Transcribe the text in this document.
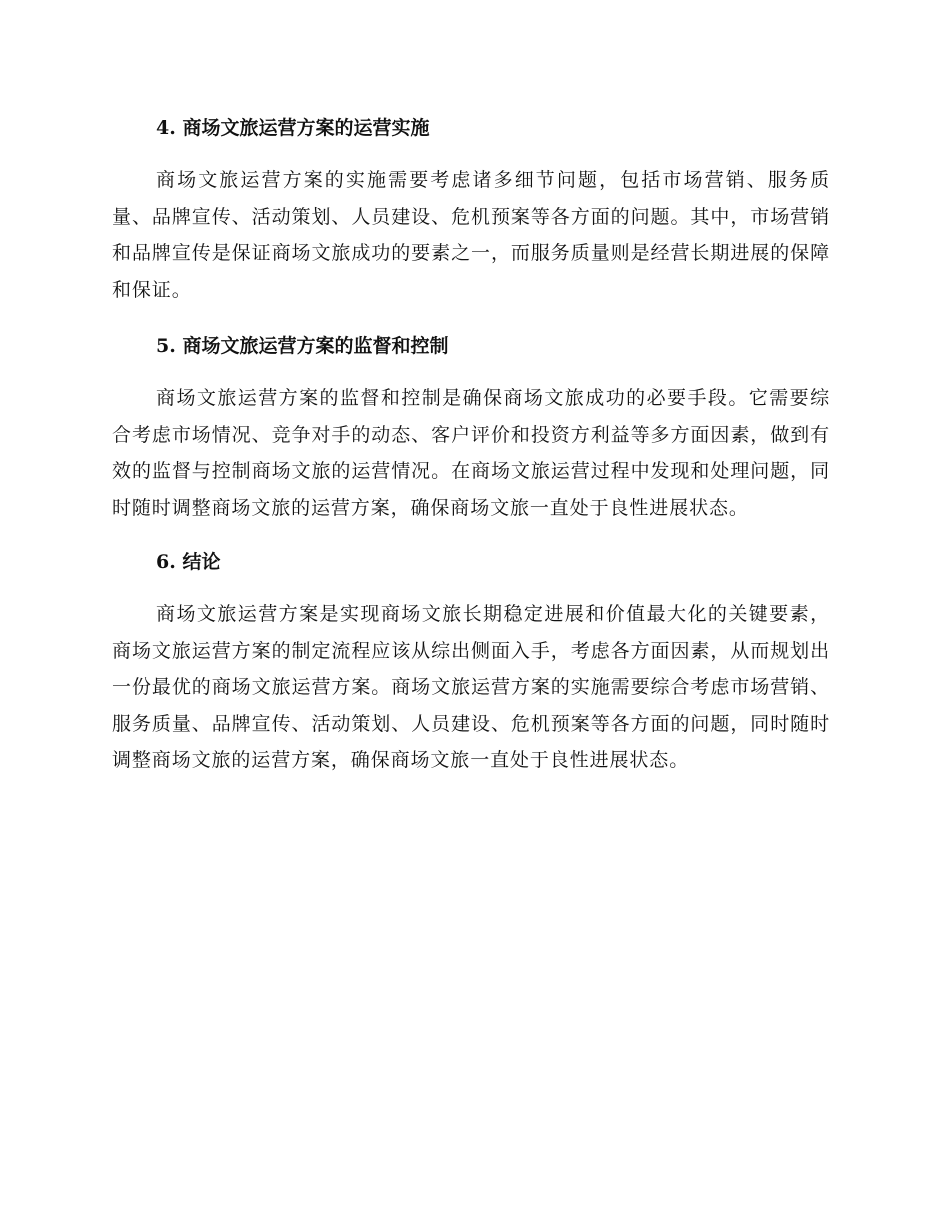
4. 商场文旅运营方案的运营实施

商场文旅运营方案的实施需要考虑诸多细节问题，包括市场营销、服务质量、品牌宣传、活动策划、人员建设、危机预案等各方面的问题。其中，市场营销和品牌宣传是保证商场文旅成功的要素之一，而服务质量则是经营长期进展的保障和保证。

5. 商场文旅运营方案的监督和控制

商场文旅运营方案的监督和控制是确保商场文旅成功的必要手段。它需要综合考虑市场情况、竞争对手的动态、客户评价和投资方利益等多方面因素，做到有效的监督与控制商场文旅的运营情况。在商场文旅运营过程中发现和处理问题，同时随时调整商场文旅的运营方案，确保商场文旅一直处于良性进展状态。

6. 结论

商场文旅运营方案是实现商场文旅长期稳定进展和价值最大化的关键要素，商场文旅运营方案的制定流程应该从综出侧面入手，考虑各方面因素，从而规划出一份最优的商场文旅运营方案。商场文旅运营方案的实施需要综合考虑市场营销、服务质量、品牌宣传、活动策划、人员建设、危机预案等各方面的问题，同时随时调整商场文旅的运营方案，确保商场文旅一直处于良性进展状态。
